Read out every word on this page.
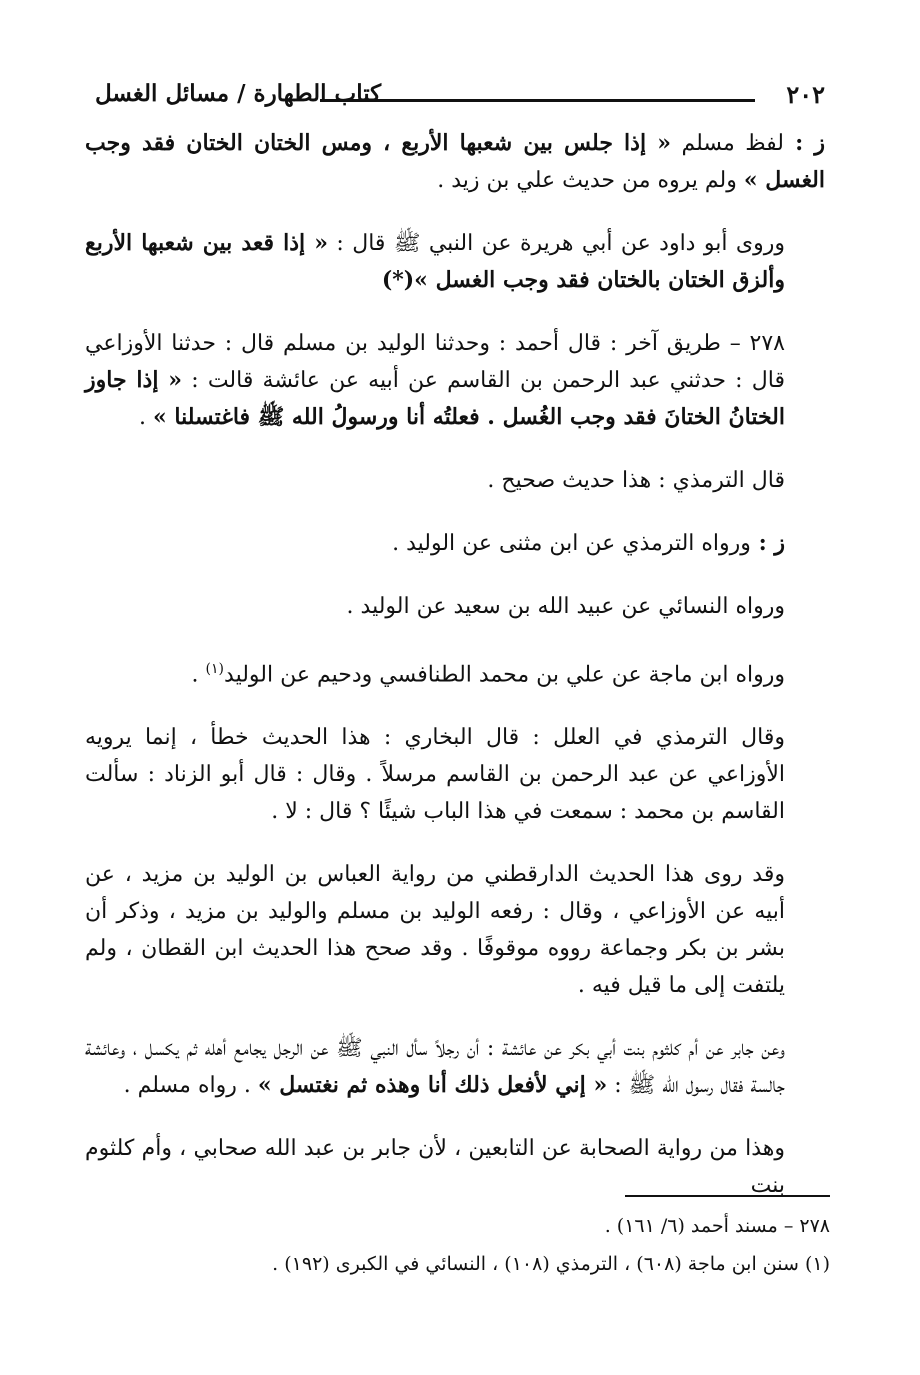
٢٠٢
كتاب الطهارة / مسائل الغسل

ز : لفظ مسلم « إذا جلس بين شعبها الأربع ، ومس الختان الختان فقد وجب الغسل » ولم يروه من حديث علي بن زيد .

وروى أبو داود عن أبي هريرة عن النبي ﷺ قال : « إذا قعد بين شعبها الأربع وألزق الختان بالختان فقد وجب الغسل »(*)

٢٧٨ – طريق آخر : قال أحمد : وحدثنا الوليد بن مسلم قال : حدثنا الأوزاعي قال : حدثني عبد الرحمن بن القاسم عن أبيه عن عائشة قالت : « إذا جاوز الختانُ الختانَ فقد وجب الغُسل . فعلتُه أنا ورسولُ الله ﷺ فاغتسلنا » .

قال الترمذي : هذا حديث صحيح .

ز : ورواه الترمذي عن ابن مثنى عن الوليد .

ورواه النسائي عن عبيد الله بن سعيد عن الوليد .

ورواه ابن ماجة عن علي بن محمد الطنافسي ودحيم عن الوليد$^{(١)}$ .

وقال الترمذي في العلل : قال البخاري : هذا الحديث خطأ ، إنما يرويه الأوزاعي عن عبد الرحمن بن القاسم مرسلاً . وقال : قال أبو الزناد : سألت القاسم بن محمد : سمعت في هذا الباب شيئًا ؟ قال : لا .

وقد روى هذا الحديث الدارقطني من رواية العباس بن الوليد بن مزيد ، عن أبيه عن الأوزاعي ، وقال : رفعه الوليد بن مسلم والوليد بن مزيد ، وذكر أن بشر بن بكر وجماعة رووه موقوفًا . وقد صحح هذا الحديث ابن القطان ، ولم يلتفت إلى ما قيل فيه .

وعن جابر عن أم كلثوم بنت أبي بكر عن عائشة : أن رجلاً سأل النبي ﷺ عن الرجل يجامع أهله ثم يكسل ، وعائشة جالسة فقال رسول الله ﷺ : « إني لأفعل ذلك أنا وهذه ثم نغتسل » . رواه مسلم .

وهذا من رواية الصحابة عن التابعين ، لأن جابر بن عبد الله صحابي ، وأم كلثوم بنت

٢٧٨ – مسند أحمد (٦/ ١٦١) .
(١) سنن ابن ماجة (٦٠٨) ، الترمذي (١٠٨) ، النسائي في الكبرى (١٩٢) .
